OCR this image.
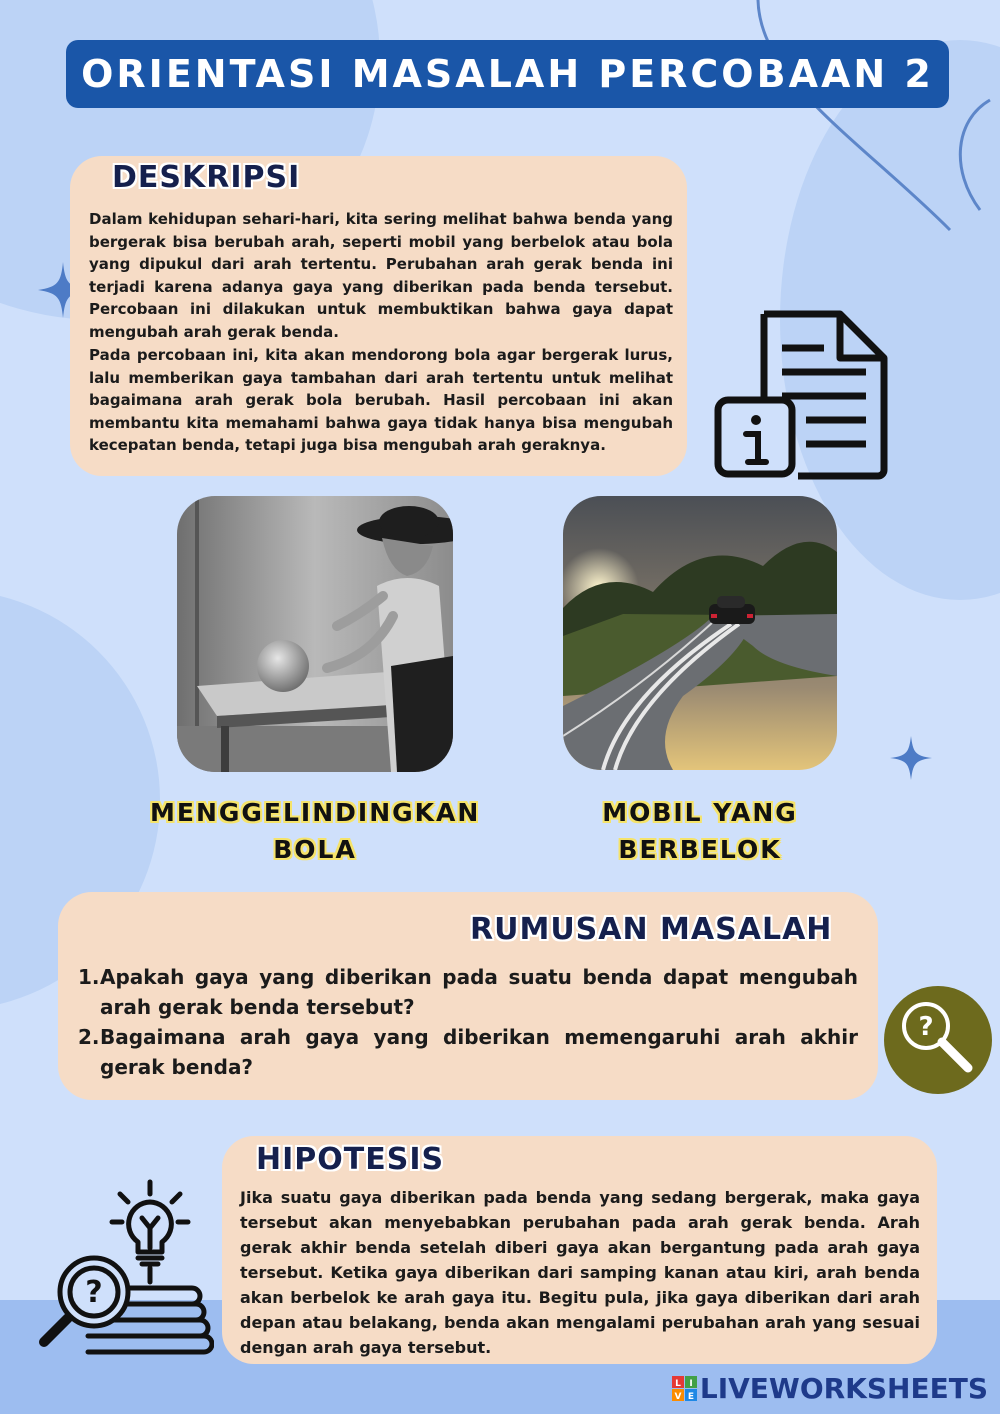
ORIENTASI MASALAH PERCOBAAN 2
DESKRIPSI

Dalam kehidupan sehari-hari, kita sering melihat bahwa benda yang bergerak bisa berubah arah, seperti mobil yang berbelok atau bola yang dipukul dari arah tertentu. Perubahan arah gerak benda ini terjadi karena adanya gaya yang diberikan pada benda tersebut. Percobaan ini dilakukan untuk membuktikan bahwa gaya dapat mengubah arah gerak benda.

Pada percobaan ini, kita akan mendorong bola agar bergerak lurus, lalu memberikan gaya tambahan dari arah tertentu untuk melihat bagaimana arah gerak bola berubah. Hasil percobaan ini akan membantu kita memahami bahwa gaya tidak hanya bisa mengubah kecepatan benda, tetapi juga bisa mengubah arah geraknya.

MENGGELINDINGKAN
BOLA
MOBIL YANG
BERBELOK
RUMUSAN MASALAH
1. Apakah gaya yang diberikan pada suatu benda dapat mengubah arah gerak benda tersebut?
2. Bagaimana arah gaya yang diberikan memengaruhi arah akhir gerak benda?
?
HIPOTESIS

Jika suatu gaya diberikan pada benda yang sedang bergerak, maka gaya tersebut akan menyebabkan perubahan pada arah gerak benda. Arah gerak akhir benda setelah diberi gaya akan bergantung pada arah gaya tersebut. Ketika gaya diberikan dari samping kanan atau kiri, arah benda akan berbelok ke arah gaya itu. Begitu pula, jika gaya diberikan dari arah depan atau belakang, benda akan mengalami perubahan arah yang sesuai dengan arah gaya tersebut.

?
L I
V E LIVEWORKSHEETS
